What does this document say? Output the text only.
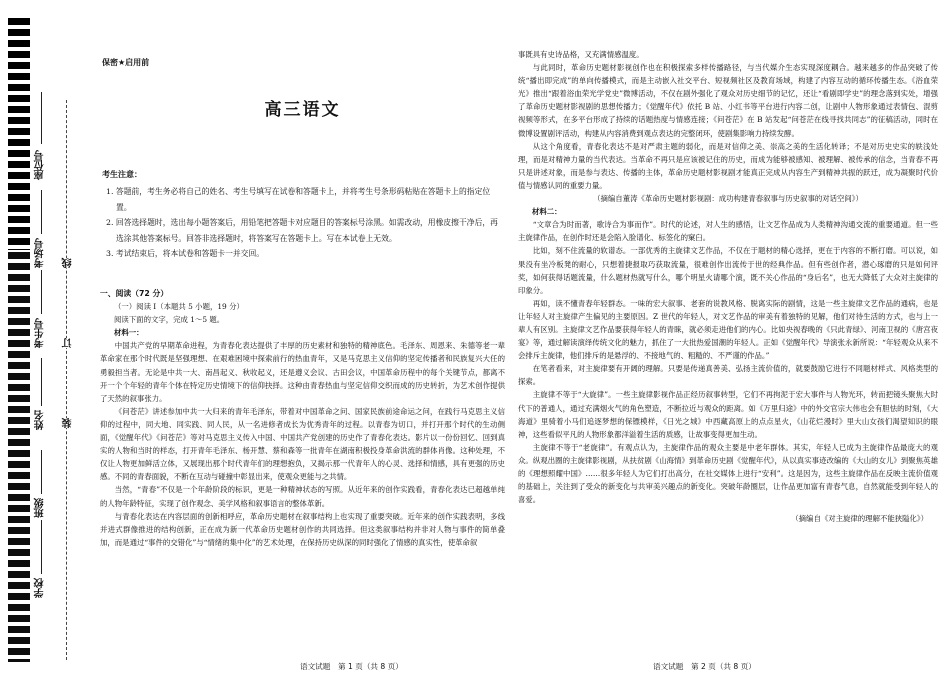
座位号
考场号
考生号
姓名
班级
学校
线
订
装
保密★启用前
高三语文
考生注意：

1. 答题前，考生务必将自己的姓名、考生号填写在试卷和答题卡上，并将考生号条形码粘贴在答题卡上的指定位置。

2. 回答选择题时，选出每小题答案后，用铅笔把答题卡对应题目的答案标号涂黑。如需改动，用橡皮擦干净后，再选涂其他答案标号。回答非选择题时，将答案写在答题卡上。写在本试卷上无效。

3. 考试结束后，将本试卷和答题卡一并交回。

一、阅读（72 分）
（一）阅读 Ⅰ（本题共 5 小题，19 分）
阅读下面的文字，完成 1～5 题。
材料一：

中国共产党的早期革命进程，为青春化表达提供了丰厚的历史素材和独特的精神底色。毛泽东、周恩来、朱德等老一辈革命家在那个时代既是坚强理想、在艰难困境中探索前行的热血青年，又是马克思主义信仰的坚定传播者和民族复兴大任的勇毅担当者。无论是中共一大、南昌起义、秋收起义，还是遵义会议、古田会议，中国革命历程中的每个关键节点，都离不开一个个年轻的青年个体在特定历史情境下的信仰抉择。这种由青春热血与坚定信仰交织而成的历史转折，为艺术创作提供了天然的叙事张力。

《问苍茫》讲述参加中共一大归来的青年毛泽东，带着对中国革命之问、国家民族前途命运之问，在践行马克思主义信仰的过程中，同大地、同实践、同人民，从一名进修者成长为优秀青年的过程。以青春为切口，并打开那个时代的生动侧面，《觉醒年代》《问苍茫》等对马克思主义传入中国、中国共产党创建的历史作了青春化表达。影片以一份份回忆、回到真实的人物和当时的样态，打开青年毛泽东、杨开慧、蔡和森等一批青年在湖南积极投身革命洪流的群体肖像。这种处理，不仅让人物更加鲜活立体，又展现出那个时代青年们的理想抱负，又揭示那一代青年人的心灵、选择和情感，具有更强的历史感。不同的青春面貌，不断在互动与碰撞中彰显出来，使观众更能与之共情。

当然，“青春”不仅是一个年龄阶段的标识，更是一种精神状态的写照。从近年来的创作实践看，青春化表达已超越单纯的人物年龄特征，实现了创作观念、美学风格和叙事语言的整体革新。

与青春化表达在内容层面的创新相呼应，革命历史题材在叙事结构上也实现了重要突破。近年来的创作实践表明，多线并进式群像推进的结构创新，正在成为新一代革命历史题材创作的共同选择。但这类叙事结构并非对人物与事件的简单叠加，而是通过“事件的交错化”与“情绪的集中化”的艺术处理，在保持历史纵深的同时强化了情感的真实性，使革命叙

语文试题　第 1 页（共 8 页）

事既具有史诗品格，又充满情感温度。

与此同时，革命历史题材影视创作也在积极探索多样传播路径，与当代媒介生态实现深度耦合。越来越多的作品突破了传统“播出即完成”的单向传播模式，而是主动嵌入社交平台、短视频社区及教育场域，构建了内容互动的循环传播生态。《浴血荣光》推出“跟着浴血荣光学党史”微博活动，不仅在剧外强化了观众对历史细节的记忆，还让“看剧即学史”的理念落到实处，增强了革命历史题材影视剧的思想传播力；《觉醒年代》依托 B 站、小红书等平台进行内容二创，让剧中人物形象通过表情包、混剪视频等形式，在多平台形成了持续的话题热度与情感连接；《问苍茫》在 B 站发起“问苍茫在线寻找共同志”的征稿活动，同时在微博设置剧评活动，构建从内容消费到观点表达的完整闭环，使剧集影响力持续发酵。

从这个角度看，青春化表达不是对严肃主题的弱化，而是对信仰之美、崇高之美的生活化转译；不是对历史史实的轶浅处理，而是对精神力量的当代表达。当革命不再只是应该被记住的历史，而成为能够被感知、被理解、被传承的信念，当青春不再只是讲述对象，而是参与表达、传播的主体，革命历史题材影视剧才能真正完成从内容生产到精神共振的跃迁，成为凝聚时代价值与情感认同的重要力量。

（摘编自董涛《革命历史题材影视剧：成功构建青春叙事与历史叙事的对话空间》）

材料二：

“文章合为时而著，歌诗合为事而作”。时代的论述，对人生的感悟，让文艺作品成为人类精神沟通交流的重要通道。但一些主旋律作品，在创作时还是会陷入脸谱化、标签化的窠臼。

比如，刻不住流量的软谱态。一部优秀的主旋律文艺作品，不仅在于题材的精心选择，更在于内容的不断打磨。可以说，如果没有坐冷板凳的耐心，只想着捷报取巧获取流量，很难创作出流传于世的经典作品。但有些创作者，潜心琢磨的只是如何评奖，如何获得话题流量，什么题材热就写什么，哪个明星火请哪个演，既不关心作品的“身后名”，也无大降低了大众对主旋律的印象分。

再如，读不懂青春年轻群态。一味的宏大叙事、老套的说教风格、脱离实际的剧情，这是一些主旋律文艺作品的通病，也是让年轻人对主旋律产生偏见的主要原因。Z 世代的年轻人，对文艺作品的审美有着独特的见解，他们对待生活的方式，也与上一辈人有区别。主旋律文艺作品要获得年轻人的青睐，就必须走进他们的内心。比如央视春晚的《只此青绿》、河南卫视的《唐宫夜宴》等，通过解读演绎传统文化的魅力，抓住了一大批热爱国潮的年轻人。正如《觉醒年代》导演张永新所说：“年轻观众从来不会排斥主旋律，他们排斥的是悬浮的、不接地气的、粗糙的、不严谨的作品。”

在笔者看来，对主旋律要有开阔的理解。只要是传递真善美、弘扬主流价值的，就要鼓励它进行不同题材样式、风格类型的探索。

主旋律不等于“大旋律”。一些主旋律影视作品正经历叙事转型，它们不再拘泥于宏大事件与人物光环，转而把镜头聚焦大时代下的普通人，通过充满烟火气的角色塑造，不断拉近与观众的距离。如《万里归途》中的外交官宗大伟也会有胆怯的时刻，《大海道》里骑着小马们追逐梦想的保镖模样，《日光之城》中西藏高原上的点点星火，《山花烂漫时》里大山女孩们渴望知识的眼神，这些看似平凡的人物形象都洋溢着生活的质感，让故事变得更加生动。

主旋律不等于“老旋律”。有观点认为，主旋律作品的观众主要是中老年群体。其实，年轻人已成为主旋律作品最庞大的观众。纵观出圈的主旋律影视剧，从扶贫剧《山海情》到革命历史剧《觉醒年代》，从以真实事迹改编的《大山的女儿》到聚焦英雄的《理想照耀中国》……很多年轻人为它们打出高分，在社交媒体上进行“安利”。这是因为，这些主旋律作品在反映主流价值观的基础上，关注到了受众的新变化与共审美兴趣点的新变化。突破年龄圈层，让作品更加富有青春气息，自然就能受到年轻人的喜爱。

（摘编自《对主旋律的理解不能狭隘化》）

语文试题　第 2 页（共 8 页）
